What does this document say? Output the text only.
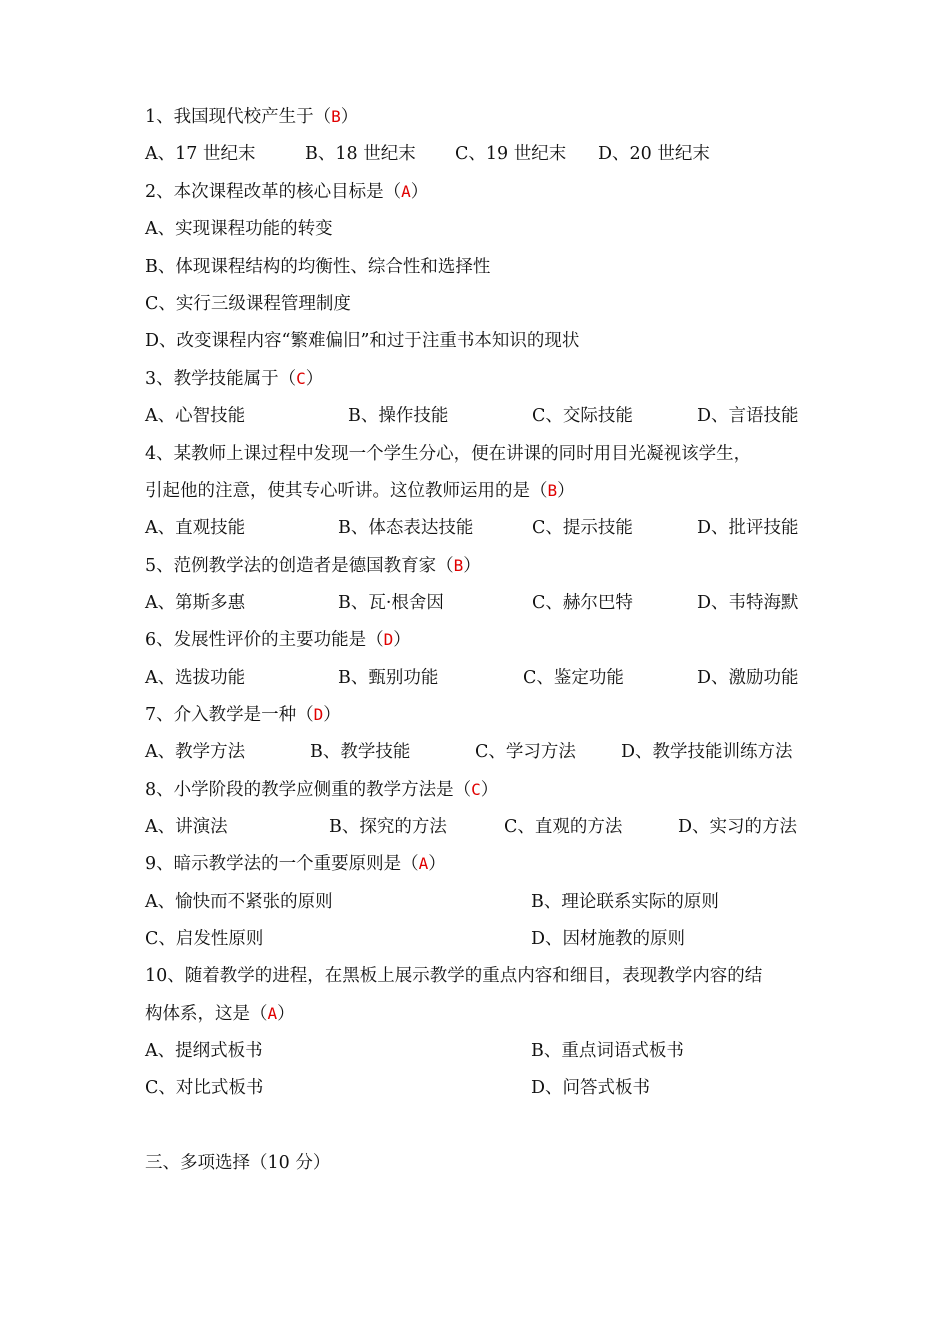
1、我国现代校产生于（B）
A、17 世纪末	B、18 世纪末 C、19 世纪末 D、20 世纪末
2、本次课程改革的核心目标是（A）
A、实现课程功能的转变
B、体现课程结构的均衡性、综合性和选择性
C、实行三级课程管理制度
D、改变课程内容“繁难偏旧”和过于注重书本知识的现状
3、教学技能属于（C）
A、心智技能	B、操作技能	C、交际技能	D、言语技能
4、某教师上课过程中发现一个学生分心，便在讲课的同时用目光凝视该学生，
引起他的注意，使其专心听讲。这位教师运用的是（B）
A、直观技能	B、体态表达技能	C、提示技能	D、批评技能
5、范例教学法的创造者是德国教育家（B）
A、第斯多惠	B、瓦·根舍因	C、赫尔巴特	D、韦特海默
6、发展性评价的主要功能是（D）
A、选拔功能	B、甄别功能	C、鉴定功能	D、激励功能
7、介入教学是一种（D）
A、教学方法	B、教学技能	C、学习方法	D、教学技能训练方法
8、小学阶段的教学应侧重的教学方法是（C）
A、讲演法	B、探究的方法	C、直观的方法	D、实习的方法
9、暗示教学法的一个重要原则是（A）
A、愉快而不紧张的原则	B、理论联系实际的原则
C、启发性原则	D、因材施教的原则
10、随着教学的进程，在黑板上展示教学的重点内容和细目，表现教学内容的结
构体系，这是（A）
A、提纲式板书	B、重点词语式板书
C、对比式板书	D、问答式板书
三、多项选择（10 分）
